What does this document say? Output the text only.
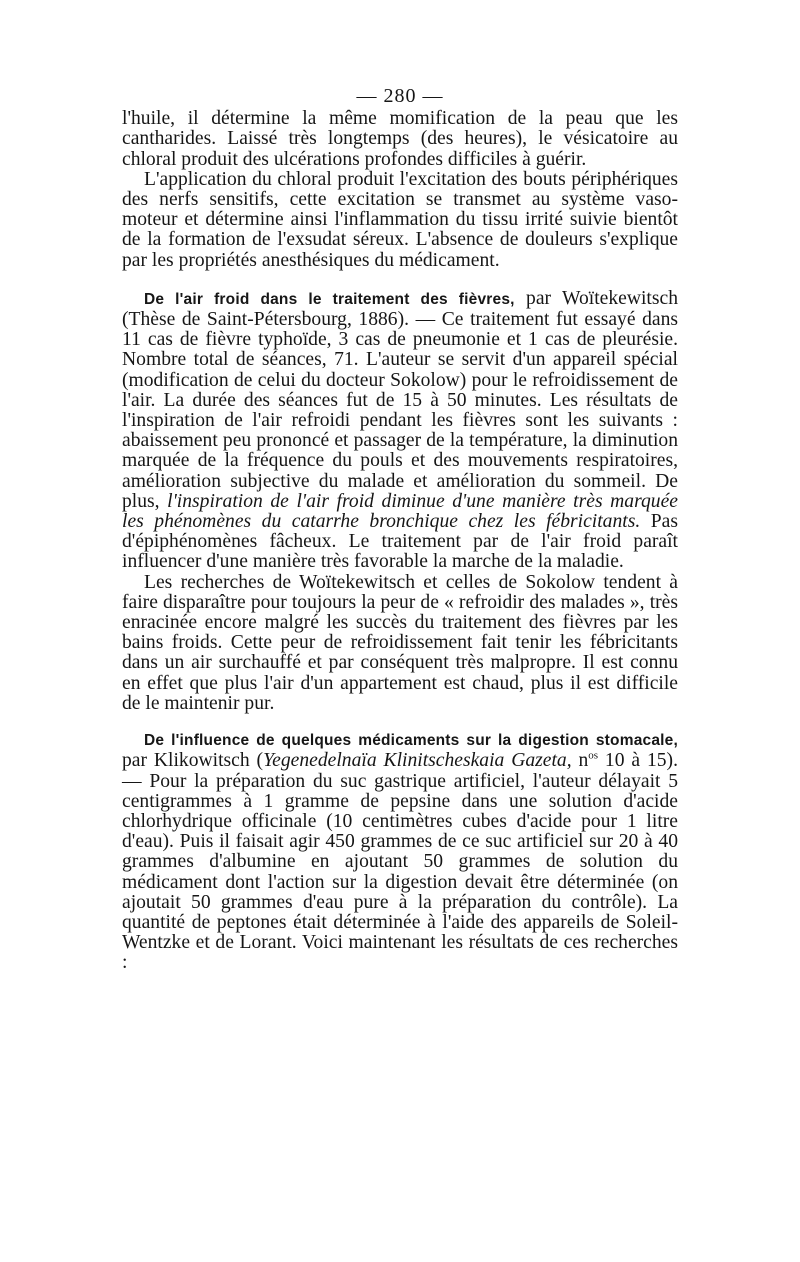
— 280 —

l'huile, il détermine la même momification de la peau que les cantharides. Laissé très longtemps (des heures), le vésicatoire au chloral produit des ulcérations profondes difficiles à guérir.

L'application du chloral produit l'excitation des bouts périphériques des nerfs sensitifs, cette excitation se transmet au système vaso-moteur et détermine ainsi l'inflammation du tissu irrité suivie bientôt de la formation de l'exsudat séreux. L'absence de douleurs s'explique par les propriétés anesthésiques du médicament.

De l'air froid dans le traitement des fièvres, par Woïtekewitsch (Thèse de Saint-Pétersbourg, 1886). — Ce traitement fut essayé dans 11 cas de fièvre typhoïde, 3 cas de pneumonie et 1 cas de pleurésie. Nombre total de séances, 71. L'auteur se servit d'un appareil spécial (modification de celui du docteur Sokolow) pour le refroidissement de l'air. La durée des séances fut de 15 à 50 minutes. Les résultats de l'inspiration de l'air refroidi pendant les fièvres sont les suivants : abaissement peu prononcé et passager de la température, la diminution marquée de la fréquence du pouls et des mouvements respiratoires, amélioration subjective du malade et amélioration du sommeil. De plus, l'inspiration de l'air froid diminue d'une manière très marquée les phénomènes du catarrhe bronchique chez les fébricitants. Pas d'épiphénomènes fâcheux. Le traitement par de l'air froid paraît influencer d'une manière très favorable la marche de la maladie.

Les recherches de Woïtekewitsch et celles de Sokolow tendent à faire disparaître pour toujours la peur de « refroidir des malades », très enracinée encore malgré les succès du traitement des fièvres par les bains froids. Cette peur de refroidissement fait tenir les fébricitants dans un air surchauffé et par conséquent très malpropre. Il est connu en effet que plus l'air d'un appartement est chaud, plus il est difficile de le maintenir pur.

De l'influence de quelques médicaments sur la digestion stomacale, par Klikowitsch (Yegenedelnaïa Klinitscheskaia Gazeta, $n^{os}$ 10 à 15). — Pour la préparation du suc gastrique artificiel, l'auteur délayait 5 centigrammes à 1 gramme de pepsine dans une solution d'acide chlorhydrique officinale (10 centimètres cubes d'acide pour 1 litre d'eau). Puis il faisait agir 450 grammes de ce suc artificiel sur 20 à 40 grammes d'albumine en ajoutant 50 grammes de solution du médicament dont l'action sur la digestion devait être déterminée (on ajoutait 50 grammes d'eau pure à la préparation du contrôle). La quantité de peptones était déterminée à l'aide des appareils de Soleil-Wentzke et de Lorant. Voici maintenant les résultats de ces recherches :
